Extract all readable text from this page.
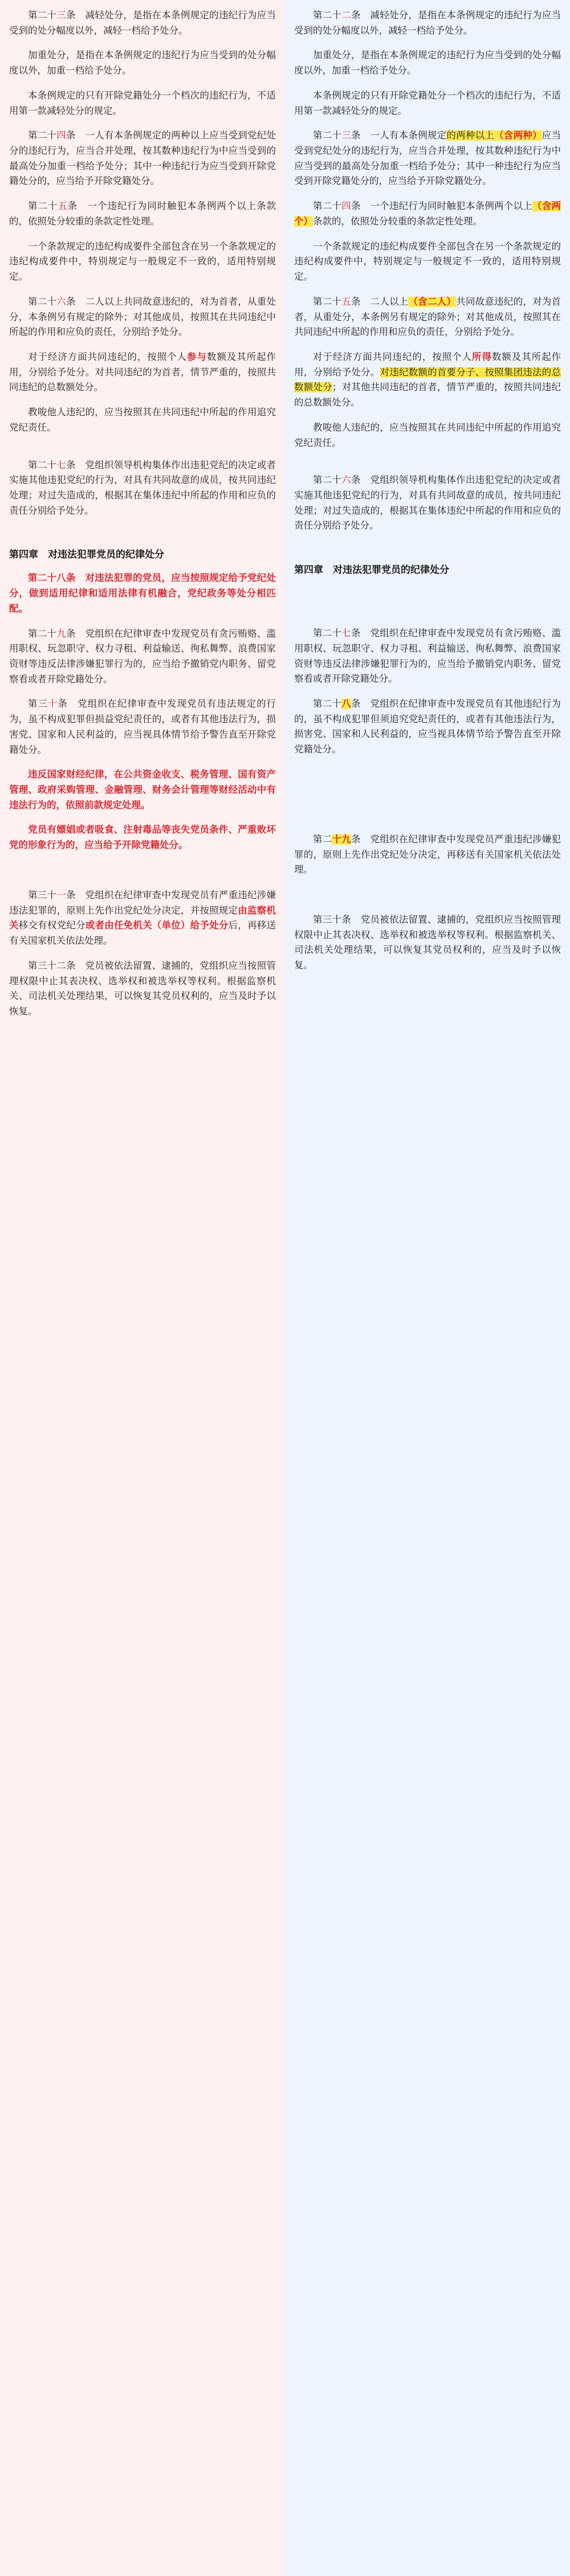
第二十三条　减轻处分，是指在本条例规定的违纪行为应当受到的处分幅度以外，减轻一档给予处分。

加重处分，是指在本条例规定的违纪行为应当受到的处分幅度以外，加重一档给予处分。

本条例规定的只有开除党籍处分一个档次的违纪行为，不适用第一款减轻处分的规定。

第二十四条　一人有本条例规定的两种以上应当受到党纪处分的违纪行为，应当合并处理，按其数种违纪行为中应当受到的最高处分加重一档给予处分；其中一种违纪行为应当受到开除党籍处分的，应当给予开除党籍处分。

第二十五条　一个违纪行为同时触犯本条例两个以上条款的，依照处分较重的条款定性处理。

一个条款规定的违纪构成要件全部包含在另一个条款规定的违纪构成要件中，特别规定与一般规定不一致的，适用特别规定。

第二十六条　二人以上共同故意违纪的，对为首者，从重处分，本条例另有规定的除外；对其他成员，按照其在共同违纪中所起的作用和应负的责任，分别给予处分。

对于经济方面共同违纪的，按照个人参与数额及其所起作用，分别给予处分。对共同违纪的为首者，情节严重的，按照共同违纪的总数额处分。

教唆他人违纪的，应当按照其在共同违纪中所起的作用追究党纪责任。

第二十七条　党组织领导机构集体作出违犯党纪的决定或者实施其他违犯党纪的行为，对具有共同故意的成员，按共同违纪处理；对过失造成的，根据其在集体违纪中所起的作用和应负的责任分别给予处分。

第四章　对违法犯罪党员的纪律处分

第二十八条　对违法犯罪的党员，应当按照规定给予党纪处分，做到适用纪律和适用法律有机融合，党纪政务等处分相匹配。

第二十九条　党组织在纪律审查中发现党员有贪污贿赂、滥用职权、玩忽职守、权力寻租、利益输送、徇私舞弊、浪费国家资财等违反法律涉嫌犯罪行为的，应当给予撤销党内职务、留党察看或者开除党籍处分。

第三十条　党组织在纪律审查中发现党员有违法规定的行为，虽不构成犯罪但损益党纪责任的，或者有其他违法行为，损害党、国家和人民利益的，应当视具体情节给予警告直至开除党籍处分。

违反国家财经纪律，在公共资金收支、税务管理、国有资产管理、政府采购管理、金融管理、财务会计管理等财经活动中有违法行为的，依照前款规定处理。

党员有嫖娼或者吸食、注射毒品等丧失党员条件、严重败坏党的形象行为的，应当给予开除党籍处分。

第三十一条　党组织在纪律审查中发现党员有严重违纪涉嫌违法犯罪的，原则上先作出党纪处分决定，并按照规定由监察机关移交有权党纪分或者由任免机关（单位）给予处分后，再移送有关国家机关依法处理。

第三十二条　党员被依法留置、逮捕的，党组织应当按照管理权限中止其表决权、选举权和被选举权等权利。根据监察机关、司法机关处理结果，可以恢复其党员权利的，应当及时予以恢复。

第二十二条　减轻处分，是指在本条例规定的违纪行为应当受到的处分幅度以外，减轻一档给予处分。

加重处分，是指在本条例规定的违纪行为应当受到的处分幅度以外，加重一档给予处分。

本条例规定的只有开除党籍处分一个档次的违纪行为，不适用第一款减轻处分的规定。

第二十三条　一人有本条例规定的两种以上（含两种）应当受到党纪处分的违纪行为，应当合并处理，按其数种违纪行为中应当受到的最高处分加重一档给予处分；其中一种违纪行为应当受到开除党籍处分的，应当给予开除党籍处分。

第二十四条　一个违纪行为同时触犯本条例两个以上（含两个）条款的，依照处分较重的条款定性处理。

一个条款规定的违纪构成要件全部包含在另一个条款规定的违纪构成要件中，特别规定与一般规定不一致的，适用特别规定。

第二十五条　二人以上（含二人）共同故意违纪的，对为首者，从重处分，本条例另有规定的除外；对其他成员，按照其在共同违纪中所起的作用和应负的责任，分别给予处分。

对于经济方面共同违纪的，按照个人所得数额及其所起作用，分别给予处分。对违纪数额的首要分子、按照集团违法的总数额处分；对其他共同违纪的首者，情节严重的，按照共同违纪的总数额处分。

教唆他人违纪的，应当按照其在共同违纪中所起的作用追究党纪责任。

第二十六条　党组织领导机构集体作出违犯党纪的决定或者实施其他违犯党纪的行为，对具有共同故意的成员，按共同违纪处理；对过失造成的，根据其在集体违纪中所起的作用和应负的责任分别给予处分。

第四章　对违法犯罪党员的纪律处分

第二十七条　党组织在纪律审查中发现党员有贪污贿赂、滥用职权、玩忽职守、权力寻租、利益输送、徇私舞弊、浪费国家资财等违反法律涉嫌犯罪行为的，应当给予撤销党内职务、留党察看或者开除党籍处分。

第二十八条　党组织在纪律审查中发现党员有其他违纪行为的，虽不构成犯罪但须追究党纪责任的，或者有其他违法行为，损害党、国家和人民利益的，应当视具体情节给予警告直至开除党籍处分。

第二十九条　党组织在纪律审查中发现党员严重违纪涉嫌犯罪的，原则上先作出党纪处分决定，再移送有关国家机关依法处理。

第三十条　党员被依法留置、逮捕的，党组织应当按照管理权限中止其表决权、选举权和被选举权等权利。根据监察机关、司法机关处理结果，可以恢复其党员权利的，应当及时予以恢复。
